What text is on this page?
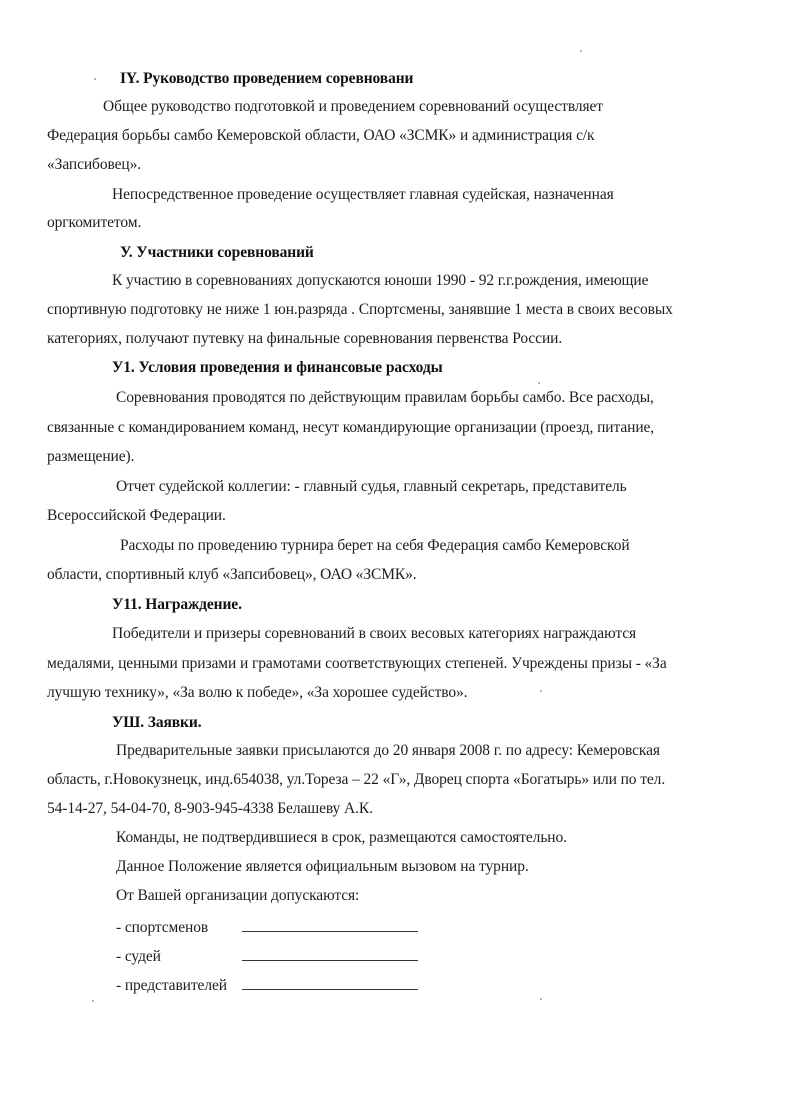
IY. Руководство проведением соревновани
Общее руководство подготовкой и проведением соревнований осуществляет
Федерация борьбы самбо Кемеровской области, ОАО «ЗСМК» и администрация с/к
«Запсибовец».
Непосредственное проведение осуществляет главная судейская, назначенная
оргкомитетом.
У. Участники соревнований
К участию в соревнованиях допускаются юноши 1990 - 92 г.г.рождения, имеющие
спортивную подготовку не ниже 1 юн.разряда . Спортсмены, занявшие 1 места в своих весовых
категориях, получают путевку на финальные соревнования первенства России.
У1. Условия проведения и финансовые расходы
Соревнования проводятся по действующим правилам борьбы самбо. Все расходы,
связанные с командированием команд, несут командирующие организации (проезд, питание,
размещение).
Отчет судейской коллегии: - главный судья, главный секретарь, представитель
Всероссийской Федерации.
Расходы по проведению турнира берет на себя Федерация самбо Кемеровской
области, спортивный клуб «Запсибовец», ОАО «ЗСМК».
У11. Награждение.
Победители и призеры соревнований в своих весовых категориях награждаются
медалями, ценными призами и грамотами соответствующих степеней. Учреждены призы - «За
лучшую технику», «За волю к победе», «За хорошее судейство».
УШ. Заявки.
Предварительные заявки присылаются до 20 января 2008 г. по адресу: Кемеровская
область, г.Новокузнецк, инд.654038, ул.Тореза – 22 «Г», Дворец спорта «Богатырь» или по тел.
54-14-27, 54-04-70, 8-903-945-4338 Белашеву А.К.
Команды, не подтвердившиеся в срок, размещаются самостоятельно.
Данное Положение является официальным вызовом на турнир.
От Вашей организации допускаются:
- спортсменов
- судей
- представителей
